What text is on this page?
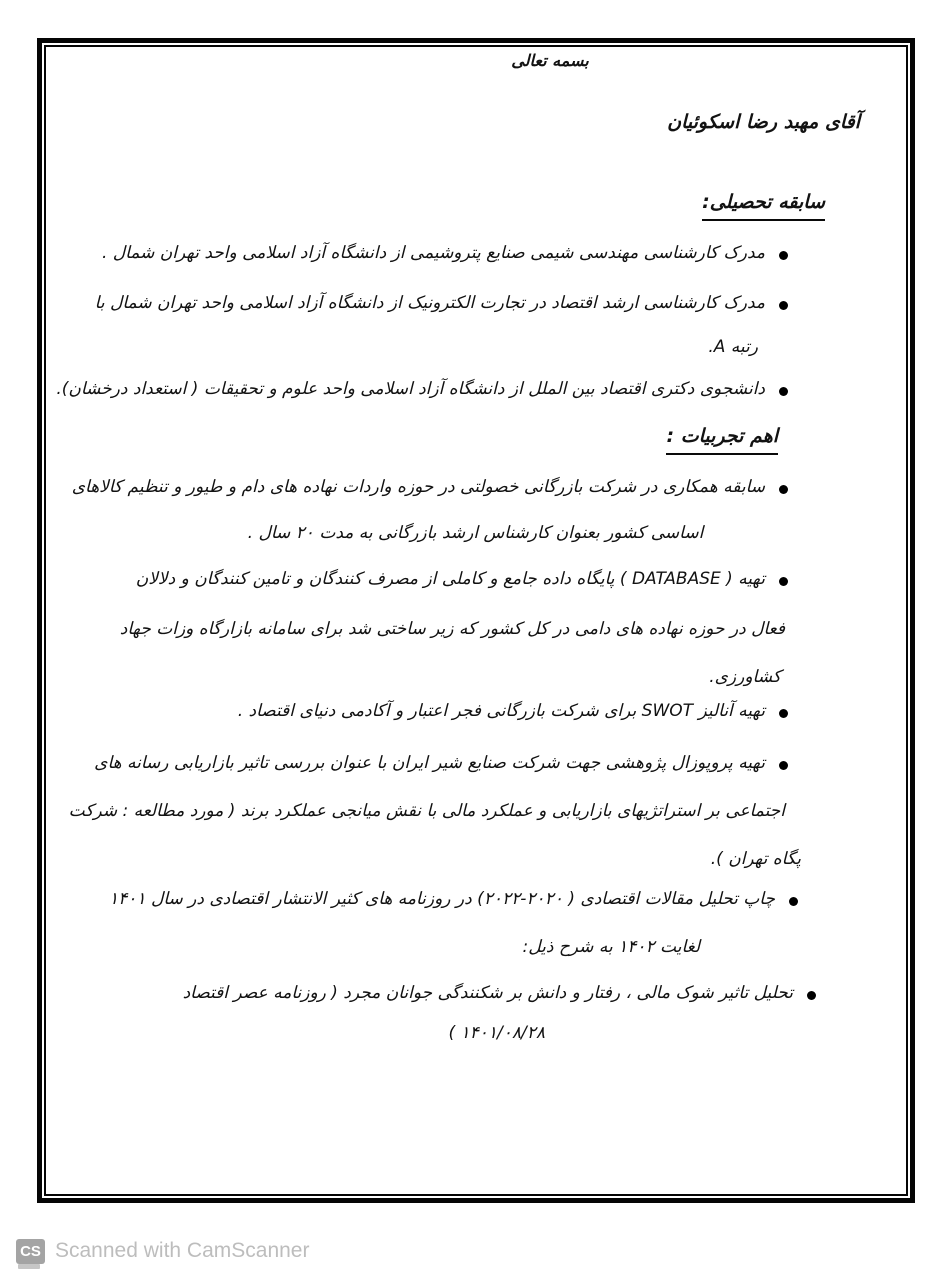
بسمه تعالی
آقای مهبد رضا اسکوئیان
سابقه تحصیلی:
مدرک کارشناسی مهندسی شیمی صنایع پتروشیمی از دانشگاه آزاد اسلامی واحد تهران شمال .
مدرک کارشناسی ارشد اقتصاد در تجارت الکترونیک از دانشگاه آزاد اسلامی واحد تهران شمال با
رتبه A.
دانشجوی دکتری اقتصاد بین الملل از دانشگاه آزاد اسلامی واحد علوم و تحقیقات ( استعداد درخشان).
اهم تجربیات :
سابقه همکاری در شرکت بازرگانی خصولتی در حوزه واردات نهاده های دام و طیور و تنظیم کالاهای
اساسی کشور بعنوان کارشناس ارشد بازرگانی به مدت ۲۰ سال .
تهیه ( DATABASE ) پایگاه داده جامع و کاملی از مصرف کنندگان و تامین کنندگان و دلالان
فعال در حوزه نهاده های دامی در کل کشور که زیر ساختی شد برای سامانه بازارگاه وزات جهاد
کشاورزی.
تهیه آنالیز SWOT برای شرکت بازرگانی فجر اعتبار و آکادمی دنیای اقتصاد .
تهیه پروپوزال پژوهشی جهت شرکت صنایع شیر ایران با عنوان بررسی تاثیر بازاریابی رسانه های
اجتماعی بر استراتژیهای بازاریابی و عملکرد مالی با نقش میانجی عملکرد برند ( مورد مطالعه : شرکت
پگاه تهران ).
چاپ تحلیل مقالات اقتصادی ( ۲۰۲۰-۲۰۲۲) در روزنامه های کثیر الانتشار اقتصادی در سال ۱۴۰۱
لغایت ۱۴۰۲ به شرح ذیل:
تحلیل تاثیر شوک مالی ، رفتار و دانش بر شکنندگی جوانان مجرد ( روزنامه عصر اقتصاد
۱۴۰۱/۰۸/۲۸ )
CS Scanned with CamScanner
